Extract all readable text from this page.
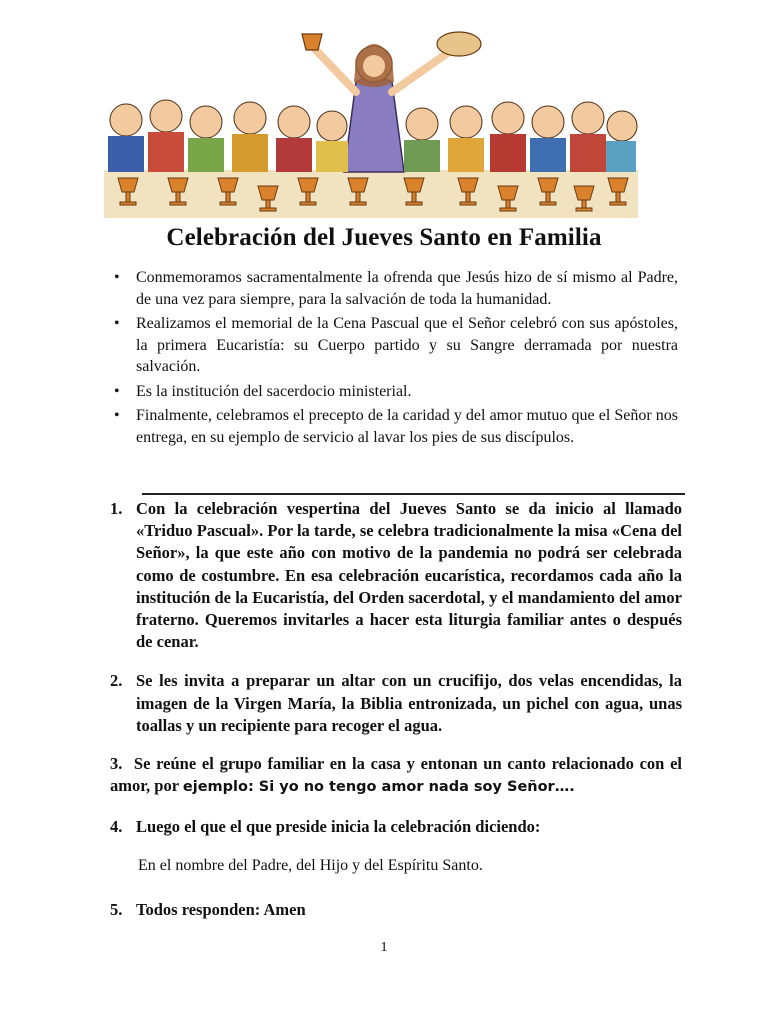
Celebración del Jueves Santo en Familia
• Conmemoramos sacramentalmente la ofrenda que Jesús hizo de sí mismo al Padre, de una vez para siempre, para la salvación de toda la humanidad.
• Realizamos el memorial de la Cena Pascual que el Señor celebró con sus apóstoles, la primera Eucaristía: su Cuerpo partido y su Sangre derramada por nuestra salvación.
• Es la institución del sacerdocio ministerial.
• Finalmente, celebramos el precepto de la caridad y del amor mutuo que el Señor nos entrega, en su ejemplo de servicio al lavar los pies de sus discípulos.
1. Con la celebración vespertina del Jueves Santo se da inicio al llamado «Triduo Pascual». Por la tarde, se celebra tradicionalmente la misa «Cena del Señor», la que este año con motivo de la pandemia no podrá ser celebrada como de costumbre. En esa celebración eucarística, recordamos cada año la institución de la Eucaristía, del Orden sacerdotal, y el mandamiento del amor fraterno. Queremos invitarles a hacer esta liturgia familiar antes o después de cenar.
2. Se les invita a preparar un altar con un crucifijo, dos velas encendidas, la imagen de la Virgen María, la Biblia entronizada, un pichel con agua, unas toallas y un recipiente para recoger el agua.
3. Se reúne el grupo familiar en la casa y entonan un canto relacionado con el amor, por ejemplo: Si yo no tengo amor nada soy Señor….
4. Luego el que el que preside inicia la celebración diciendo:
En el nombre del Padre, del Hijo y del Espíritu Santo.
5. Todos responden: Amen
1
